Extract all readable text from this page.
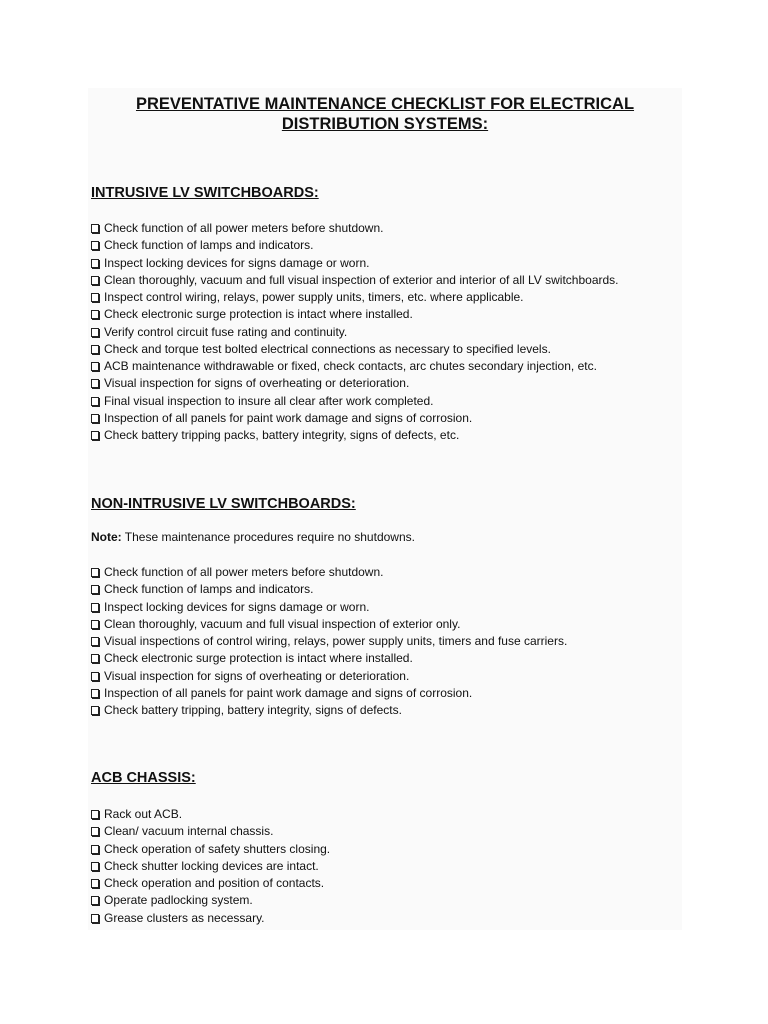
PREVENTATIVE MAINTENANCE CHECKLIST FOR ELECTRICAL
DISTRIBUTION SYSTEMS:
INTRUSIVE LV SWITCHBOARDS:
Check function of all power meters before shutdown.
Check function of lamps and indicators.
Inspect locking devices for signs damage or worn.
Clean thoroughly, vacuum and full visual inspection of exterior and interior of all LV switchboards.
Inspect control wiring, relays, power supply units, timers, etc. where applicable.
Check electronic surge protection is intact where installed.
Verify control circuit fuse rating and continuity.
Check and torque test bolted electrical connections as necessary to specified levels.
ACB maintenance withdrawable or fixed, check contacts, arc chutes secondary injection, etc.
Visual inspection for signs of overheating or deterioration.
Final visual inspection to insure all clear after work completed.
Inspection of all panels for paint work damage and signs of corrosion.
Check battery tripping packs, battery integrity, signs of defects, etc.
NON-INTRUSIVE LV SWITCHBOARDS:

Note: These maintenance procedures require no shutdowns.

Check function of all power meters before shutdown.
Check function of lamps and indicators.
Inspect locking devices for signs damage or worn.
Clean thoroughly, vacuum and full visual inspection of exterior only.
Visual inspections of control wiring, relays, power supply units, timers and fuse carriers.
Check electronic surge protection is intact where installed.
Visual inspection for signs of overheating or deterioration.
Inspection of all panels for paint work damage and signs of corrosion.
Check battery tripping, battery integrity, signs of defects.
ACB CHASSIS:
Rack out ACB.
Clean/ vacuum internal chassis.
Check operation of safety shutters closing.
Check shutter locking devices are intact.
Check operation and position of contacts.
Operate padlocking system.
Grease clusters as necessary.
